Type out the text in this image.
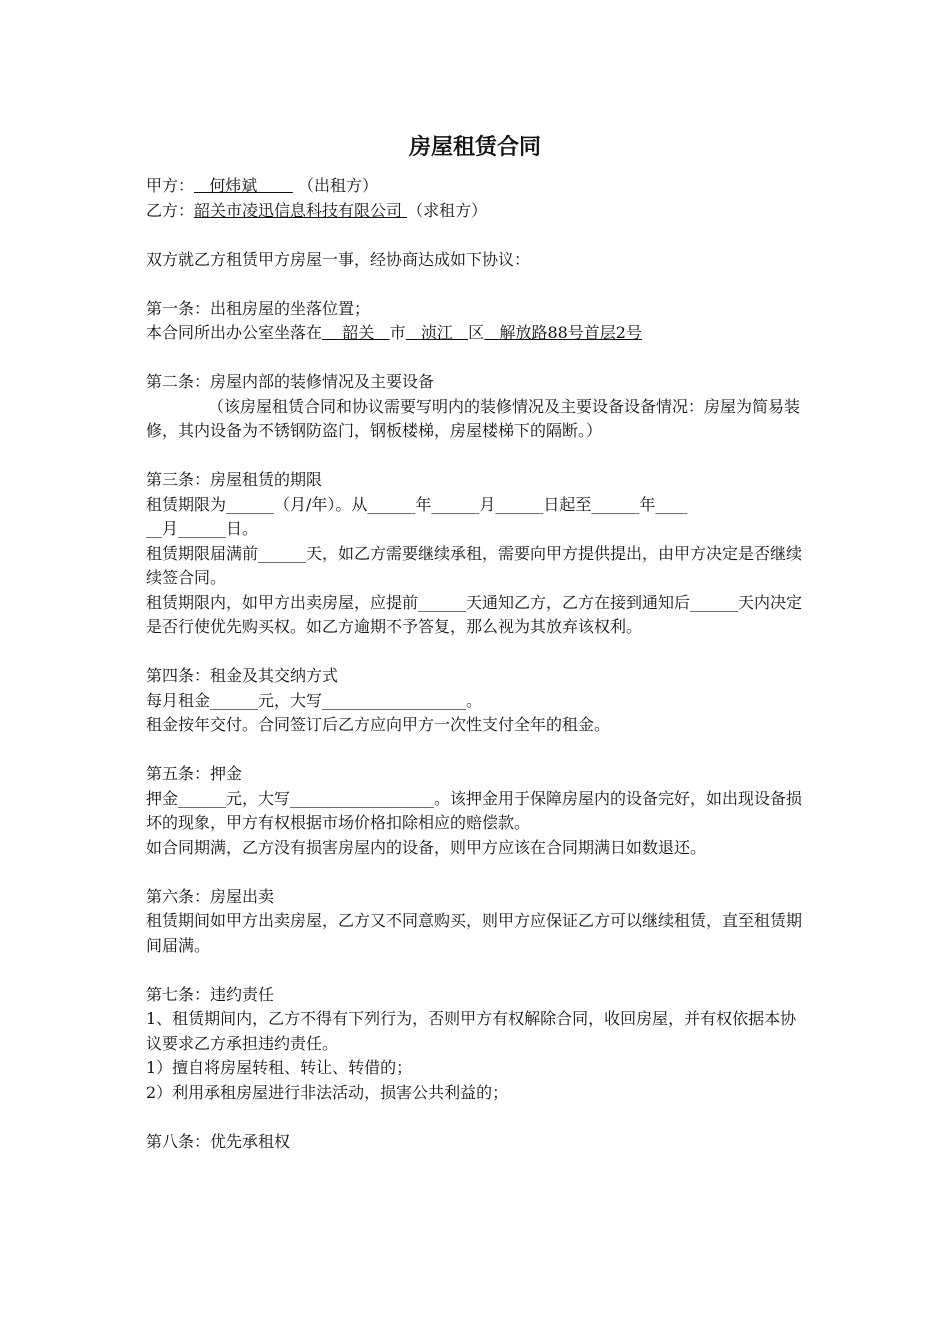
房屋租赁合同
甲方：   何炜斌        （出租方）
乙方：韶关市凌迅信息科技有限公司 （求租方）
双方就乙方租赁甲方房屋一事，经协商达成如下协议：
第一条：出租房屋的坐落位置；
本合同所出办公室坐落在    韶关   市   浈江   区   解放路88号首层2号
第二条：房屋内部的装修情况及主要设备
（该房屋租赁合同和协议需要写明内的装修情况及主要设备设备情况：房屋为简易装修，其内设备为不锈钢防盗门，钢板楼梯，房屋楼梯下的隔断。）
第三条：房屋租赁的期限
租赁期限为______（月/年）。从______年______月______日起至______年____
__月______日。
租赁期限届满前______天，如乙方需要继续承租，需要向甲方提供提出，由甲方决定是否继续续签合同。
租赁期限内，如甲方出卖房屋，应提前______天通知乙方，乙方在接到通知后______天内决定是否行使优先购买权。如乙方逾期不予答复，那么视为其放弃该权利。
第四条：租金及其交纳方式
每月租金______元，大写__________________。
租金按年交付。合同签订后乙方应向甲方一次性支付全年的租金。
第五条：押金
押金______元，大写__________________。该押金用于保障房屋内的设备完好，如出现设备损坏的现象，甲方有权根据市场价格扣除相应的赔偿款。
如合同期满，乙方没有损害房屋内的设备，则甲方应该在合同期满日如数退还。
第六条：房屋出卖
租赁期间如甲方出卖房屋，乙方又不同意购买，则甲方应保证乙方可以继续租赁，直至租赁期间届满。
第七条：违约责任
1、租赁期间内，乙方不得有下列行为，否则甲方有权解除合同，收回房屋，并有权依据本协议要求乙方承担违约责任。
1）擅自将房屋转租、转让、转借的；
2）利用承租房屋进行非法活动，损害公共利益的；
第八条：优先承租权
